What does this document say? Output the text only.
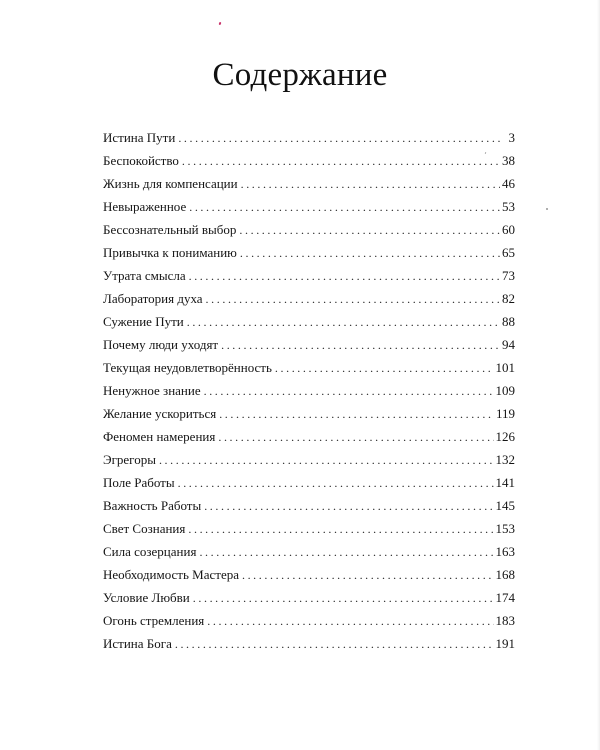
Содержание
Истина Пути .....	3
Беспокойство .....	38
Жизнь для компенсации .....	46
Невыраженное .....	53
Бессознательный выбор .....	60
Привычка к пониманию .....	65
Утрата смысла .....	73
Лаборатория духа .....	82
Сужение Пути .....	88
Почему люди уходят .....	94
Текущая неудовлетворённость .....	101
Ненужное знание .....	109
Желание ускориться .....	119
Феномен намерения .....	126
Эгрегоры .....	132
Поле Работы .....	141
Важность Работы .....	145
Свет Сознания .....	153
Сила созерцания .....	163
Необходимость Мастера .....	168
Условие Любви .....	174
Огонь стремления .....	183
Истина Бога .....	191
